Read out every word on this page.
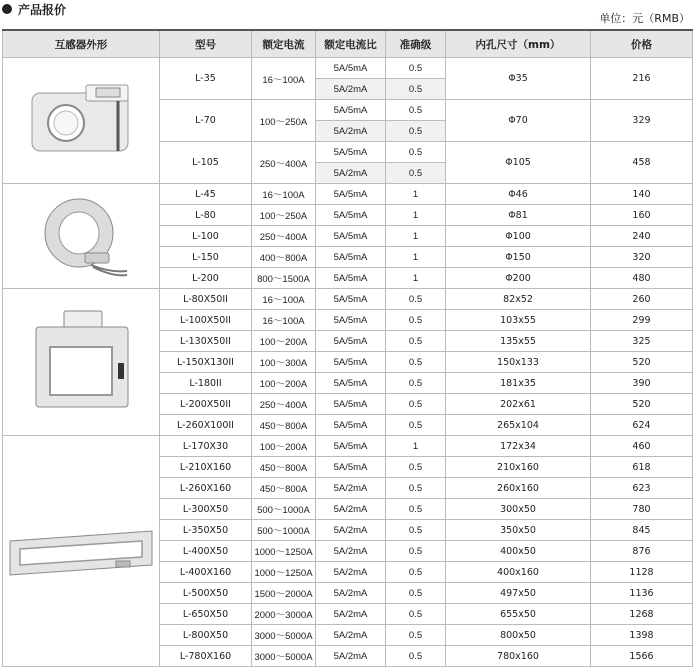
产品报价
单位：元（RMB）
互感器外形	型号	额定电流	额定电流比	准确级	内孔尺寸（mm）	价格

	L-35	16～100A	5A/5mA	0.5	Φ35	216
			5A/2mA	0.5		
	L-70	100～250A	5A/5mA	0.5	Φ70	329
			5A/2mA	0.5		
	L-105	250～400A	5A/5mA	0.5	Φ105	458
			5A/2mA	0.5		

	L-45	16～100A	5A/5mA	1	Φ46	140
	L-80	100～250A	5A/5mA	1	Φ81	160
	L-100	250～400A	5A/5mA	1	Φ100	240
	L-150	400～800A	5A/5mA	1	Φ150	320
	L-200	800～1500A	5A/5mA	1	Φ200	480

	L-80X50II	16～100A	5A/5mA	0.5	82x52	260
	L-100X50II	16～100A	5A/5mA	0.5	103x55	299
	L-130X50II	100～200A	5A/5mA	0.5	135x55	325
	L-150X130II	100～300A	5A/5mA	0.5	150x133	520
	L-180II	100～200A	5A/5mA	0.5	181x35	390
	L-200X50II	250～400A	5A/5mA	0.5	202x61	520
	L-260X100II	450～800A	5A/5mA	0.5	265x104	624

	L-170X30	100～200A	5A/5mA	1	172x34	460
	L-210X160	450～800A	5A/5mA	0.5	210x160	618
	L-260X160	450～800A	5A/2mA	0.5	260x160	623
	L-300X50	500～1000A	5A/2mA	0.5	300x50	780
	L-350X50	500～1000A	5A/2mA	0.5	350x50	845
	L-400X50	1000～1250A	5A/2mA	0.5	400x50	876
	L-400X160	1000～1250A	5A/2mA	0.5	400x160	1128
	L-500X50	1500～2000A	5A/2mA	0.5	497x50	1136
	L-650X50	2000～3000A	5A/2mA	0.5	655x50	1268
	L-800X50	3000～5000A	5A/2mA	0.5	800x50	1398
	L-780X160	3000～5000A	5A/2mA	0.5	780x160	1566
